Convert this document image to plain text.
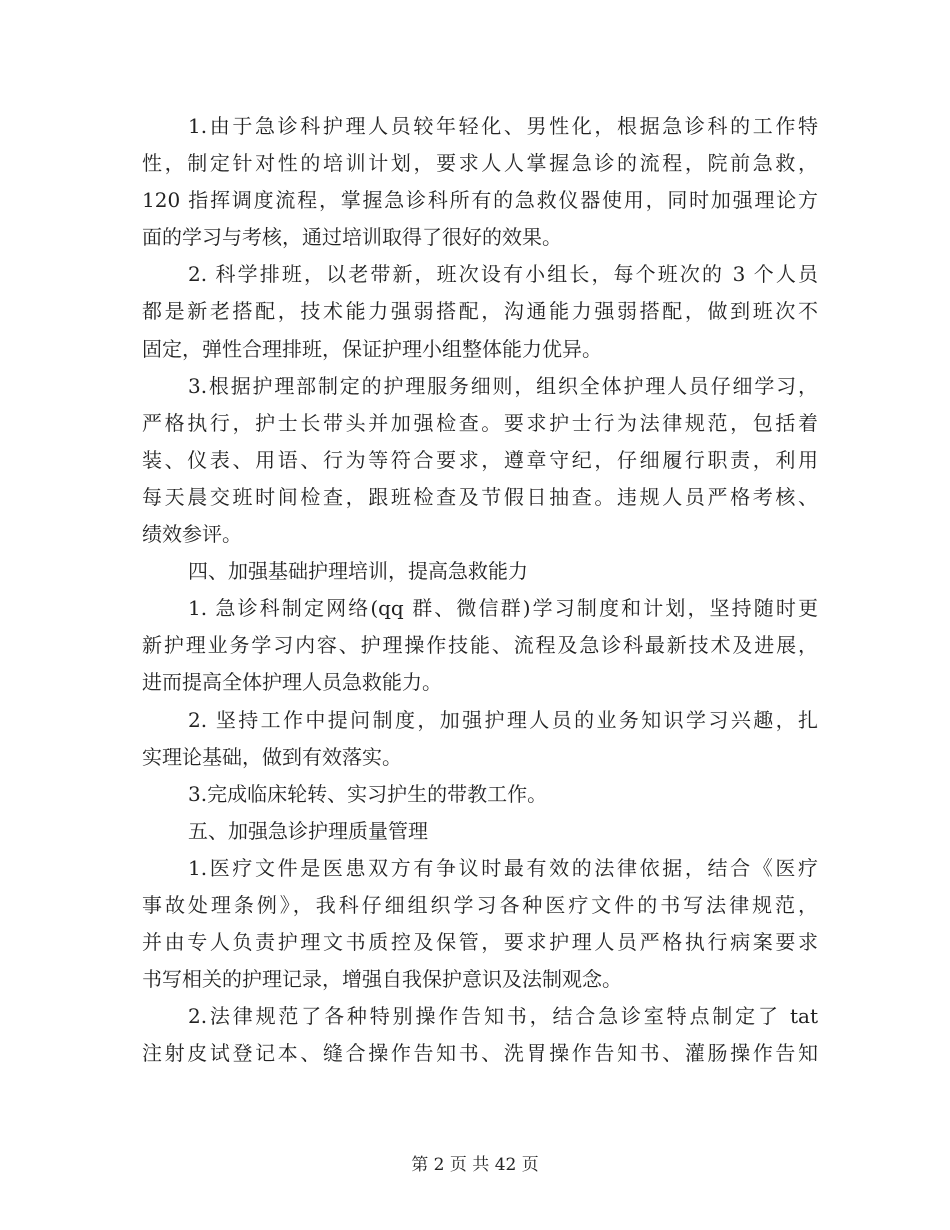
1.由于急诊科护理人员较年轻化、男性化，根据急诊科的工作特
性，制定针对性的培训计划，要求人人掌握急诊的流程，院前急救，
120 指挥调度流程，掌握急诊科所有的急救仪器使用，同时加强理论方
面的学习与考核，通过培训取得了很好的效果。
2. 科学排班，以老带新，班次设有小组长，每个班次的 3 个人员
都是新老搭配，技术能力强弱搭配，沟通能力强弱搭配，做到班次不
固定，弹性合理排班，保证护理小组整体能力优异。
3.根据护理部制定的护理服务细则，组织全体护理人员仔细学习，
严格执行，护士长带头并加强检查。要求护士行为法律规范，包括着
装、仪表、用语、行为等符合要求，遵章守纪，仔细履行职责，利用
每天晨交班时间检查，跟班检查及节假日抽查。违规人员严格考核、
绩效参评。
四、加强基础护理培训，提高急救能力
1. 急诊科制定网络(qq 群、微信群)学习制度和计划，坚持随时更
新护理业务学习内容、护理操作技能、流程及急诊科最新技术及进展，
进而提高全体护理人员急救能力。
2. 坚持工作中提问制度，加强护理人员的业务知识学习兴趣，扎
实理论基础，做到有效落实。
3.完成临床轮转、实习护生的带教工作。
五、加强急诊护理质量管理
1.医疗文件是医患双方有争议时最有效的法律依据，结合《医疗
事故处理条例》，我科仔细组织学习各种医疗文件的书写法律规范，
并由专人负责护理文书质控及保管，要求护理人员严格执行病案要求
书写相关的护理记录，增强自我保护意识及法制观念。
2.法律规范了各种特别操作告知书，结合急诊室特点制定了 tat
注射皮试登记本、缝合操作告知书、洗胃操作告知书、灌肠操作告知
第 2 页 共 42 页
